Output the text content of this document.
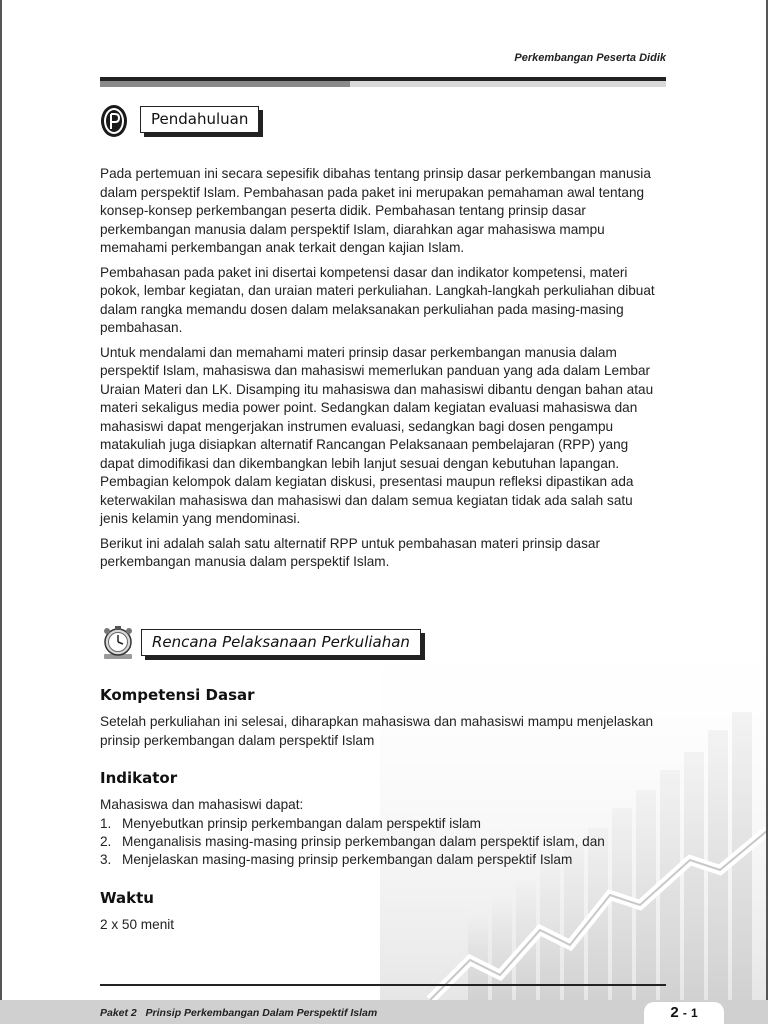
Perkembangan Peserta Didik
Pendahuluan

Pada pertemuan ini secara sepesifik dibahas tentang prinsip dasar perkembangan manusia dalam perspektif Islam. Pembahasan pada paket ini merupakan pemahaman awal tentang konsep-konsep perkembangan peserta didik. Pembahasan tentang prinsip dasar perkembangan manusia dalam perspektif Islam, diarahkan agar mahasiswa mampu memahami perkembangan anak terkait dengan kajian Islam.

Pembahasan pada paket ini disertai kompetensi dasar dan indikator kompetensi, materi pokok, lembar kegiatan, dan uraian materi perkuliahan. Langkah-langkah perkuliahan dibuat dalam rangka memandu dosen dalam melaksanakan perkuliahan pada masing-masing pembahasan.

Untuk mendalami dan memahami materi prinsip dasar perkembangan manusia dalam perspektif Islam, mahasiswa dan mahasiswi memerlukan panduan yang ada dalam Lembar Uraian Materi dan LK. Disamping itu mahasiswa dan mahasiswi dibantu dengan bahan atau materi sekaligus media power point. Sedangkan dalam kegiatan evaluasi mahasiswa dan mahasiswi dapat mengerjakan instrumen evaluasi, sedangkan bagi dosen pengampu matakuliah juga disiapkan alternatif Rancangan Pelaksanaan pembelajaran (RPP) yang dapat dimodifikasi dan dikembangkan lebih lanjut sesuai dengan kebutuhan lapangan. Pembagian kelompok dalam kegiatan diskusi, presentasi maupun refleksi dipastikan ada keterwakilan mahasiswa dan mahasiswi dan dalam semua kegiatan tidak ada salah satu jenis kelamin yang mendominasi.

Berikut ini adalah salah satu alternatif RPP untuk pembahasan materi prinsip dasar perkembangan manusia dalam perspektif Islam.

Rencana Pelaksanaan Perkuliahan
Kompetensi Dasar
Setelah perkuliahan ini selesai, diharapkan mahasiswa dan mahasiswi mampu menjelaskan prinsip perkembangan dalam perspektif Islam
Indikator
Mahasiswa dan mahasiswi dapat:
1. Menyebutkan prinsip perkembangan dalam perspektif islam
2. Menganalisis masing-masing prinsip perkembangan dalam perspektif islam, dan
3. Menjelaskan masing-masing prinsip perkembangan dalam perspektif Islam
Waktu
2 x 50 menit
Paket 2   Prinsip Perkembangan Dalam Perspektif Islam	2 - 1
